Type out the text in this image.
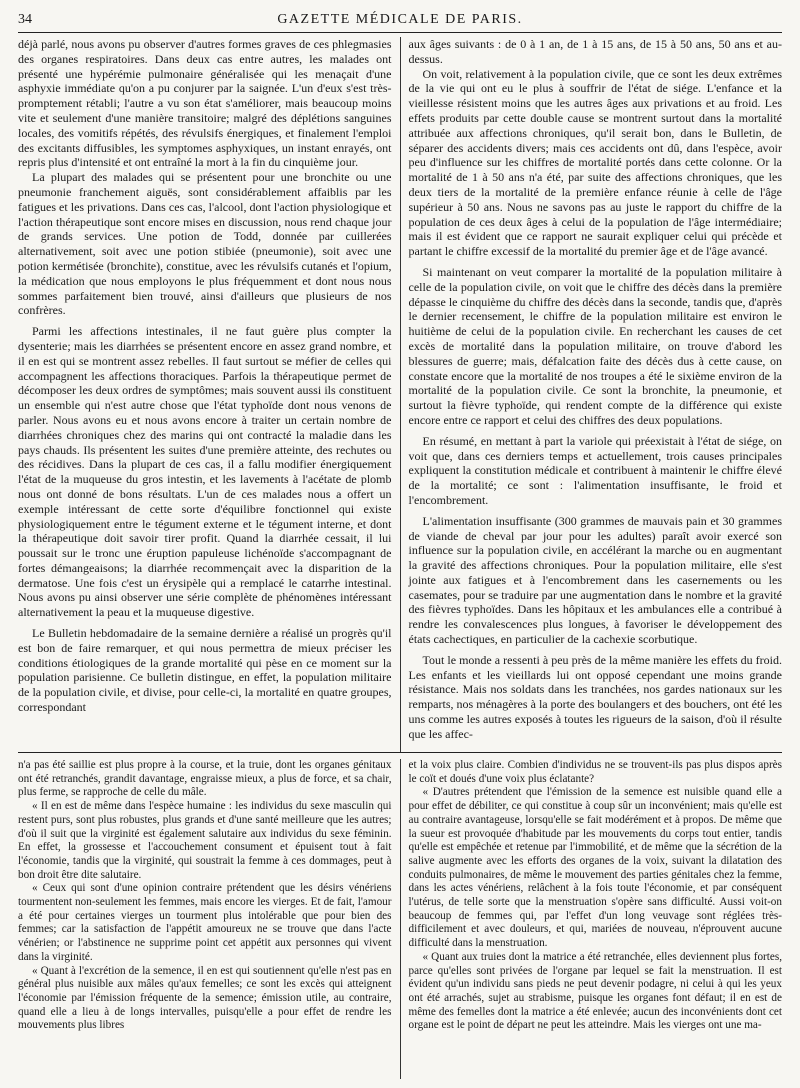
34	GAZETTE MÉDICALE DE PARIS.

déjà parlé, nous avons pu observer d'autres formes graves de ces phlegmasies des organes respiratoires. Dans deux cas entre autres, les malades ont présenté une hypérémie pulmonaire généralisée qui les menaçait d'une asphyxie immédiate qu'on a pu conjurer par la saignée. L'un d'eux s'est très-promptement rétabli; l'autre a vu son état s'améliorer, mais beaucoup moins vite et seulement d'une manière transitoire; malgré des déplétions sanguines locales, des vomitifs répétés, des révulsifs énergiques, et finalement l'emploi des excitants diffusibles, les symptomes asphyxiques, un instant enrayés, ont repris plus d'intensité et ont entraîné la mort à la fin du cinquième jour.

La plupart des malades qui se présentent pour une bronchite ou une pneumonie franchement aiguës, sont considérablement affaiblis par les fatigues et les privations. Dans ces cas, l'alcool, dont l'action physiologique et l'action thérapeutique sont encore mises en discussion, nous rend chaque jour de grands services. Une potion de Todd, donnée par cuillerées alternativement, soit avec une potion stibiée (pneumonie), soit avec une potion kermétisée (bronchite), constitue, avec les révulsifs cutanés et l'opium, la médication que nous employons le plus fréquemment et dont nous nous sommes parfaitement bien trouvé, ainsi d'ailleurs que plusieurs de nos confrères.

Parmi les affections intestinales, il ne faut guère plus compter la dysenterie; mais les diarrhées se présentent encore en assez grand nombre, et il en est qui se montrent assez rebelles. Il faut surtout se méfier de celles qui accompagnent les affections thoraciques. Parfois la thérapeutique permet de décomposer les deux ordres de symptômes; mais souvent aussi ils constituent un ensemble qui n'est autre chose que l'état typhoïde dont nous venons de parler. Nous avons eu et nous avons encore à traiter un certain nombre de diarrhées chroniques chez des marins qui ont contracté la maladie dans les pays chauds. Ils présentent les suites d'une première atteinte, des rechutes ou des récidives. Dans la plupart de ces cas, il a fallu modifier énergiquement l'état de la muqueuse du gros intestin, et les lavements à l'acétate de plomb nous ont donné de bons résultats. L'un de ces malades nous a offert un exemple intéressant de cette sorte d'équilibre fonctionnel qui existe physiologiquement entre le tégument externe et le tégument interne, et dont la thérapeutique doit savoir tirer profit. Quand la diarrhée cessait, il lui poussait sur le tronc une éruption papuleuse lichénoïde s'accompagnant de fortes démangeaisons; la diarrhée recommençait avec la disparition de la dermatose. Une fois c'est un érysipèle qui a remplacé le catarrhe intestinal. Nous avons pu ainsi observer une série complète de phénomènes intéressant alternativement la peau et la muqueuse digestive.

Le Bulletin hebdomadaire de la semaine dernière a réalisé un progrès qu'il est bon de faire remarquer, et qui nous permettra de mieux préciser les conditions étiologiques de la grande mortalité qui pèse en ce moment sur la population parisienne. Ce bulletin distingue, en effet, la population militaire de la population civile, et divise, pour celle-ci, la mortalité en quatre groupes, correspondant

aux âges suivants : de 0 à 1 an, de 1 à 15 ans, de 15 à 50 ans, 50 ans et au-dessus.

On voit, relativement à la population civile, que ce sont les deux extrêmes de la vie qui ont eu le plus à souffrir de l'état de siége. L'enfance et la vieillesse résistent moins que les autres âges aux privations et au froid. Les effets produits par cette double cause se montrent surtout dans la mortalité attribuée aux affections chroniques, qu'il serait bon, dans le Bulletin, de séparer des accidents divers; mais ces accidents ont dû, dans l'espèce, avoir peu d'influence sur les chiffres de mortalité portés dans cette colonne. Or la mortalité de 1 à 50 ans n'a été, par suite des affections chroniques, que les deux tiers de la mortalité de la première enfance réunie à celle de l'âge supérieur à 50 ans. Nous ne savons pas au juste le rapport du chiffre de la population de ces deux âges à celui de la population de l'âge intermédiaire; mais il est évident que ce rapport ne saurait expliquer celui qui précède et partant le chiffre excessif de la mortalité du premier âge et de l'âge avancé.

Si maintenant on veut comparer la mortalité de la population militaire à celle de la population civile, on voit que le chiffre des décès dans la première dépasse le cinquième du chiffre des décès dans la seconde, tandis que, d'après le dernier recensement, le chiffre de la population militaire est environ le huitième de celui de la population civile. En recherchant les causes de cet excès de mortalité dans la population militaire, on trouve d'abord les blessures de guerre; mais, défalcation faite des décès dus à cette cause, on constate encore que la mortalité de nos troupes a été le sixième environ de la mortalité de la population civile. Ce sont la bronchite, la pneumonie, et surtout la fièvre typhoïde, qui rendent compte de la différence qui existe encore entre ce rapport et celui des chiffres des deux populations.

En résumé, en mettant à part la variole qui préexistait à l'état de siége, on voit que, dans ces derniers temps et actuellement, trois causes principales expliquent la constitution médicale et contribuent à maintenir le chiffre élevé de la mortalité; ce sont : l'alimentation insuffisante, le froid et l'encombrement.

L'alimentation insuffisante (300 grammes de mauvais pain et 30 grammes de viande de cheval par jour pour les adultes) paraît avoir exercé son influence sur la population civile, en accélérant la marche ou en augmentant la gravité des affections chroniques. Pour la population militaire, elle s'est jointe aux fatigues et à l'encombrement dans les casernements ou les casemates, pour se traduire par une augmentation dans le nombre et la gravité des fièvres typhoïdes. Dans les hôpitaux et les ambulances elle a contribué à rendre les convalescences plus longues, à favoriser le développement des états cachectiques, en particulier de la cachexie scorbutique.

Tout le monde a ressenti à peu près de la même manière les effets du froid. Les enfants et les vieillards lui ont opposé cependant une moins grande résistance. Mais nos soldats dans les tranchées, nos gardes nationaux sur les remparts, nos ménagères à la porte des boulangers et des bouchers, ont été les uns comme les autres exposés à toutes les rigueurs de la saison, d'où il résulte que les affec-

n'a pas été saillie est plus propre à la course, et la truie, dont les organes génitaux ont été retranchés, grandit davantage, engraisse mieux, a plus de force, et sa chair, plus ferme, se rapproche de celle du mâle.

« Il en est de même dans l'espèce humaine : les individus du sexe masculin qui restent purs, sont plus robustes, plus grands et d'une santé meilleure que les autres; d'où il suit que la virginité est également salutaire aux individus du sexe féminin. En effet, la grossesse et l'accouchement consument et épuisent tout à fait l'économie, tandis que la virginité, qui soustrait la femme à ces dommages, peut à bon droit être dite salutaire.

« Ceux qui sont d'une opinion contraire prétendent que les désirs vénériens tourmentent non-seulement les femmes, mais encore les vierges. Et de fait, l'amour a été pour certaines vierges un tourment plus intolérable que pour bien des femmes; car la satisfaction de l'appétit amoureux ne se trouve que dans l'acte vénérien; or l'abstinence ne supprime point cet appétit aux personnes qui vivent dans la virginité.

« Quant à l'excrétion de la semence, il en est qui soutiennent qu'elle n'est pas en général plus nuisible aux mâles qu'aux femelles; ce sont les excès qui atteignent l'économie par l'émission fréquente de la semence; émission utile, au contraire, quand elle a lieu à de longs intervalles, puisqu'elle a pour effet de rendre les mouvements plus libres

et la voix plus claire. Combien d'individus ne se trouvent-ils pas plus dispos après le coït et doués d'une voix plus éclatante?

« D'autres prétendent que l'émission de la semence est nuisible quand elle a pour effet de débiliter, ce qui constitue à coup sûr un inconvénient; mais qu'elle est au contraire avantageuse, lorsqu'elle se fait modérément et à propos. De même que la sueur est provoquée d'habitude par les mouvements du corps tout entier, tandis qu'elle est empêchée et retenue par l'immobilité, et de même que la sécrétion de la salive augmente avec les efforts des organes de la voix, suivant la dilatation des conduits pulmonaires, de même le mouvement des parties génitales chez la femme, dans les actes vénériens, relâchent à la fois toute l'économie, et par conséquent l'utérus, de telle sorte que la menstruation s'opère sans difficulté. Aussi voit-on beaucoup de femmes qui, par l'effet d'un long veuvage sont réglées très-difficilement et avec douleurs, et qui, mariées de nouveau, n'éprouvent aucune difficulté dans la menstruation.

« Quant aux truies dont la matrice a été retranchée, elles deviennent plus fortes, parce qu'elles sont privées de l'organe par lequel se fait la menstruation. Il est évident qu'un individu sans pieds ne peut devenir podagre, ni celui à qui les yeux ont été arrachés, sujet au strabisme, puisque les organes font défaut; il en est de même des femelles dont la matrice a été enlevée; aucun des inconvénients dont cet organe est le point de départ ne peut les atteindre. Mais les vierges ont une ma-
